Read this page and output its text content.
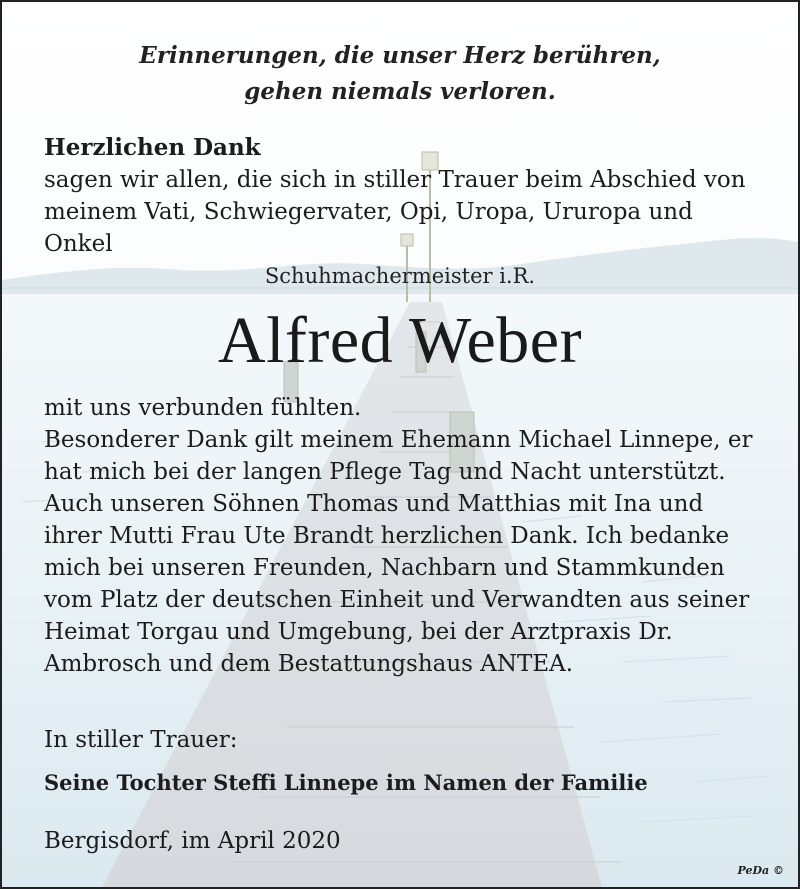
Erinnerungen, die unser Herz berühren,
gehen niemals verloren.
Herzlichen Dank
sagen wir allen, die sich in stiller Trauer beim Abschied von
meinem Vati, Schwiegervater, Opi, Uropa, Ururopa und
Onkel
Schuhmachermeister i.R.
Alfred Weber
mit uns verbunden fühlten.
Besonderer Dank gilt meinem Ehemann Michael Linnepe, er
hat mich bei der langen Pflege Tag und Nacht unterstützt.
Auch unseren Söhnen Thomas und Matthias mit Ina und
ihrer Mutti Frau Ute Brandt herzlichen Dank. Ich bedanke
mich bei unseren Freunden, Nachbarn und Stammkunden
vom Platz der deutschen Einheit und Verwandten aus seiner
Heimat Torgau und Umgebung, bei der Arztpraxis Dr.
Ambrosch und dem Bestattungshaus ANTEA.
In stiller Trauer:
Seine Tochter Steffi Linnepe im Namen der Familie
Bergisdorf, im April 2020
PeDa ©
